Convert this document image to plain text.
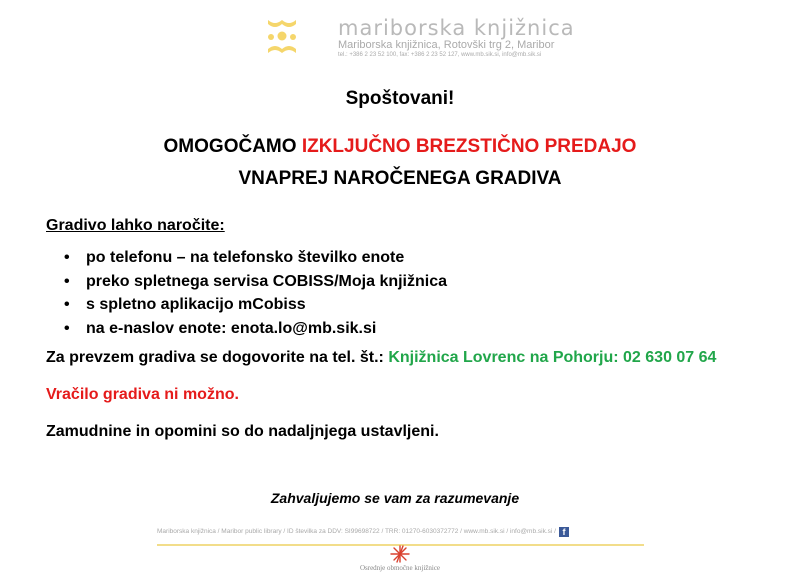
mariborska knjižnica
Mariborska knjižnica, Rotovški trg 2, Maribor
tel.: +386 2 23 52 100, fax: +386 2 23 52 127, www.mb.sik.si, info@mb.sik.si
Spoštovani!
OMOGOČAMO IZKLJUČNO BREZSTIČNO PREDAJO
VNAPREJ NAROČENEGA GRADIVA
Gradivo lahko naročite:
• po telefonu – na telefonsko številko enote
• preko spletnega servisa COBISS/Moja knjižnica
• s spletno aplikacijo mCobiss
• na e-naslov enote: enota.lo@mb.sik.si
Za prevzem gradiva se dogovorite na tel. št.: Knjižnica Lovrenc na Pohorju: 02 630 07 64
Vračilo gradiva ni možno.
Zamudnine in opomini so do nadaljnjega ustavljeni.
Zahvaljujemo se vam za razumevanje
Mariborska knjižnica / Maribor public library / ID številka za DDV: SI99698722 / TRR: 01270-6030372772 / www.mb.sik.si / info@mb.sik.si / f
Osrednje območne knjižnice
